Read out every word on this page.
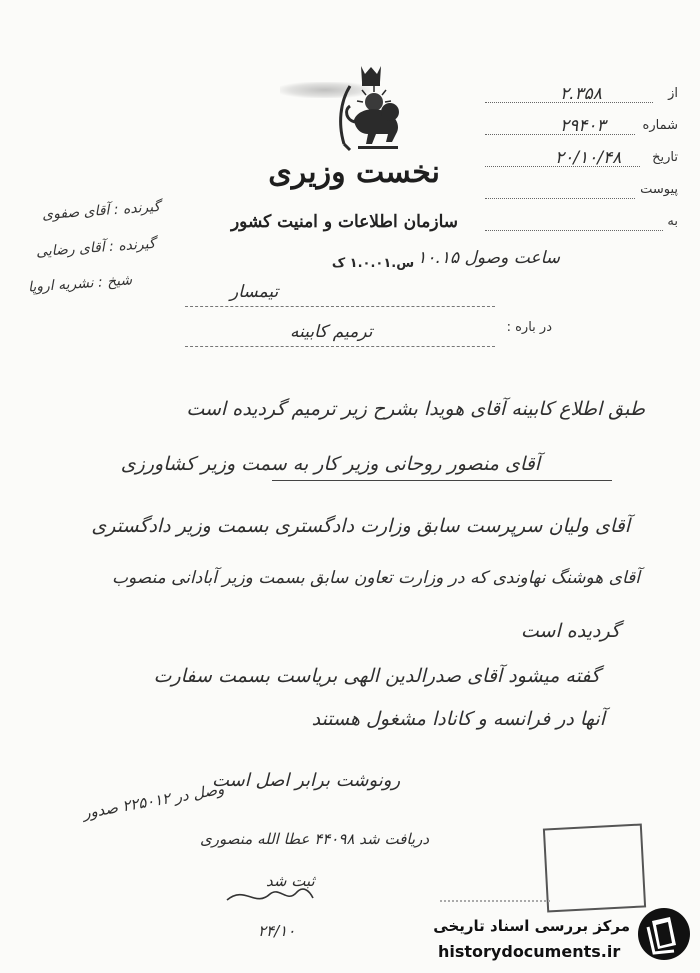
نخست وزیری
سازمان اطلاعات و امنیت کشور
س.۱.۰.۰۱ ک
از
۲.۳۵۸
شماره
۲۹۴۰۳
تاریخ
۲۰/۱۰/۴۸
پیوست
به
ساعت وصول ۱۰.۱۵
گیرنده : آقای صفوی
گیرنده : آقای رضایی
شیخ : نشریه اروپا	تیمسار
در باره :
ترمیم کابینه
طبق اطلاع کابینه آقای هویدا بشرح زیر ترمیم گردیده است
آقای منصور روحانی وزیر کار به سمت وزیر کشاورزی
آقای ولیان سرپرست سابق وزارت دادگستری بسمت وزیر دادگستری
آقای هوشنگ نهاوندی که در وزارت تعاون سابق بسمت وزیر آبادانی منصوب
گردیده است
گفته میشود آقای صدرالدین الهی بریاست بسمت سفارت
آنها در فرانسه و کانادا مشغول هستند
رونوشت برابر اصل است
وصل در ۲۲۵۰۱۲ صدور
دریافت شد ۴۴۰۹۸ عطا الله منصوری
ثبت شد
۲۴/۱۰	مرکز بررسی اسناد تاریخی
historydocuments.ir
